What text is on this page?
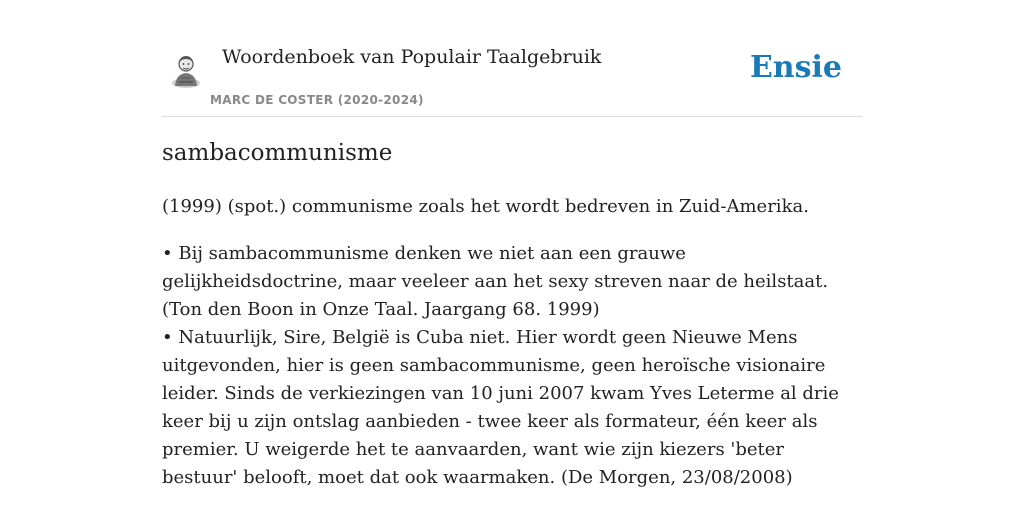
Woordenboek van Populair Taalgebruik
MARC DE COSTER (2020-2024)
Ensie
sambacommunisme

(1999) (spot.) communisme zoals het wordt bedreven in Zuid-Amerika.

• Bij sambacommunisme denken we niet aan een grauwe gelijkheidsdoctrine, maar veeleer aan het sexy streven naar de heilstaat. (Ton den Boon in Onze Taal. Jaargang 68. 1999)

• Natuurlijk, Sire, België is Cuba niet. Hier wordt geen Nieuwe Mens uitgevonden, hier is geen sambacommunisme, geen heroïsche visionaire leider. Sinds de verkiezingen van 10 juni 2007 kwam Yves Leterme al drie keer bij u zijn ontslag aanbieden - twee keer als formateur, één keer als premier. U weigerde het te aanvaarden, want wie zijn kiezers 'beter bestuur' belooft, moet dat ook waarmaken. (De Morgen, 23/08/2008)
